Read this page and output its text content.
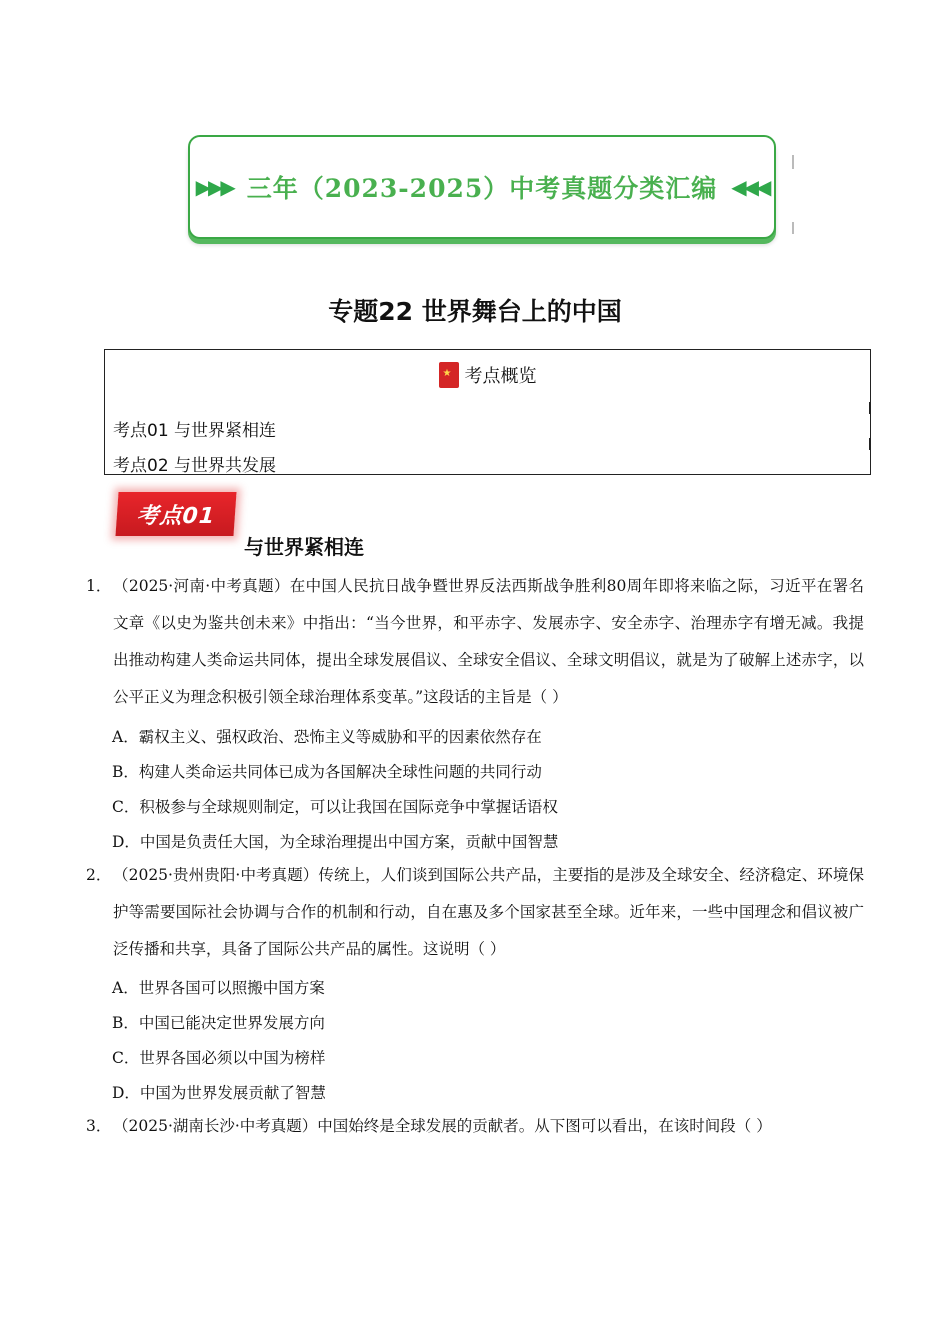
▶▶▶ 三年（2023-2025）中考真题分类汇编 ◀◀◀
专题22 世界舞台上的中国
★
考点概览
考点01 与世界紧相连
考点02 与世界共发展
考点01
与世界紧相连
1． （2025·河南·中考真题）在中国人民抗日战争暨世界反法西斯战争胜利80周年即将来临之际，习近平在署名文章《以史为鉴共创未来》中指出：“当今世界，和平赤字、发展赤字、安全赤字、治理赤字有增无减。我提出推动构建人类命运共同体，提出全球发展倡议、全球安全倡议、全球文明倡议，就是为了破解上述赤字，以公平正义为理念积极引领全球治理体系变革。”这段话的主旨是（ ）
A．霸权主义、强权政治、恐怖主义等威胁和平的因素依然存在
B．构建人类命运共同体已成为各国解决全球性问题的共同行动
C．积极参与全球规则制定，可以让我国在国际竞争中掌握话语权
D．中国是负责任大国，为全球治理提出中国方案，贡献中国智慧
2． （2025·贵州贵阳·中考真题）传统上，人们谈到国际公共产品，主要指的是涉及全球安全、经济稳定、环境保护等需要国际社会协调与合作的机制和行动，自在惠及多个国家甚至全球。近年来，一些中国理念和倡议被广泛传播和共享，具备了国际公共产品的属性。这说明（ ）
A．世界各国可以照搬中国方案
B．中国已能决定世界发展方向
C．世界各国必须以中国为榜样
D．中国为世界发展贡献了智慧
3． （2025·湖南长沙·中考真题）中国始终是全球发展的贡献者。从下图可以看出，在该时间段（ ）
